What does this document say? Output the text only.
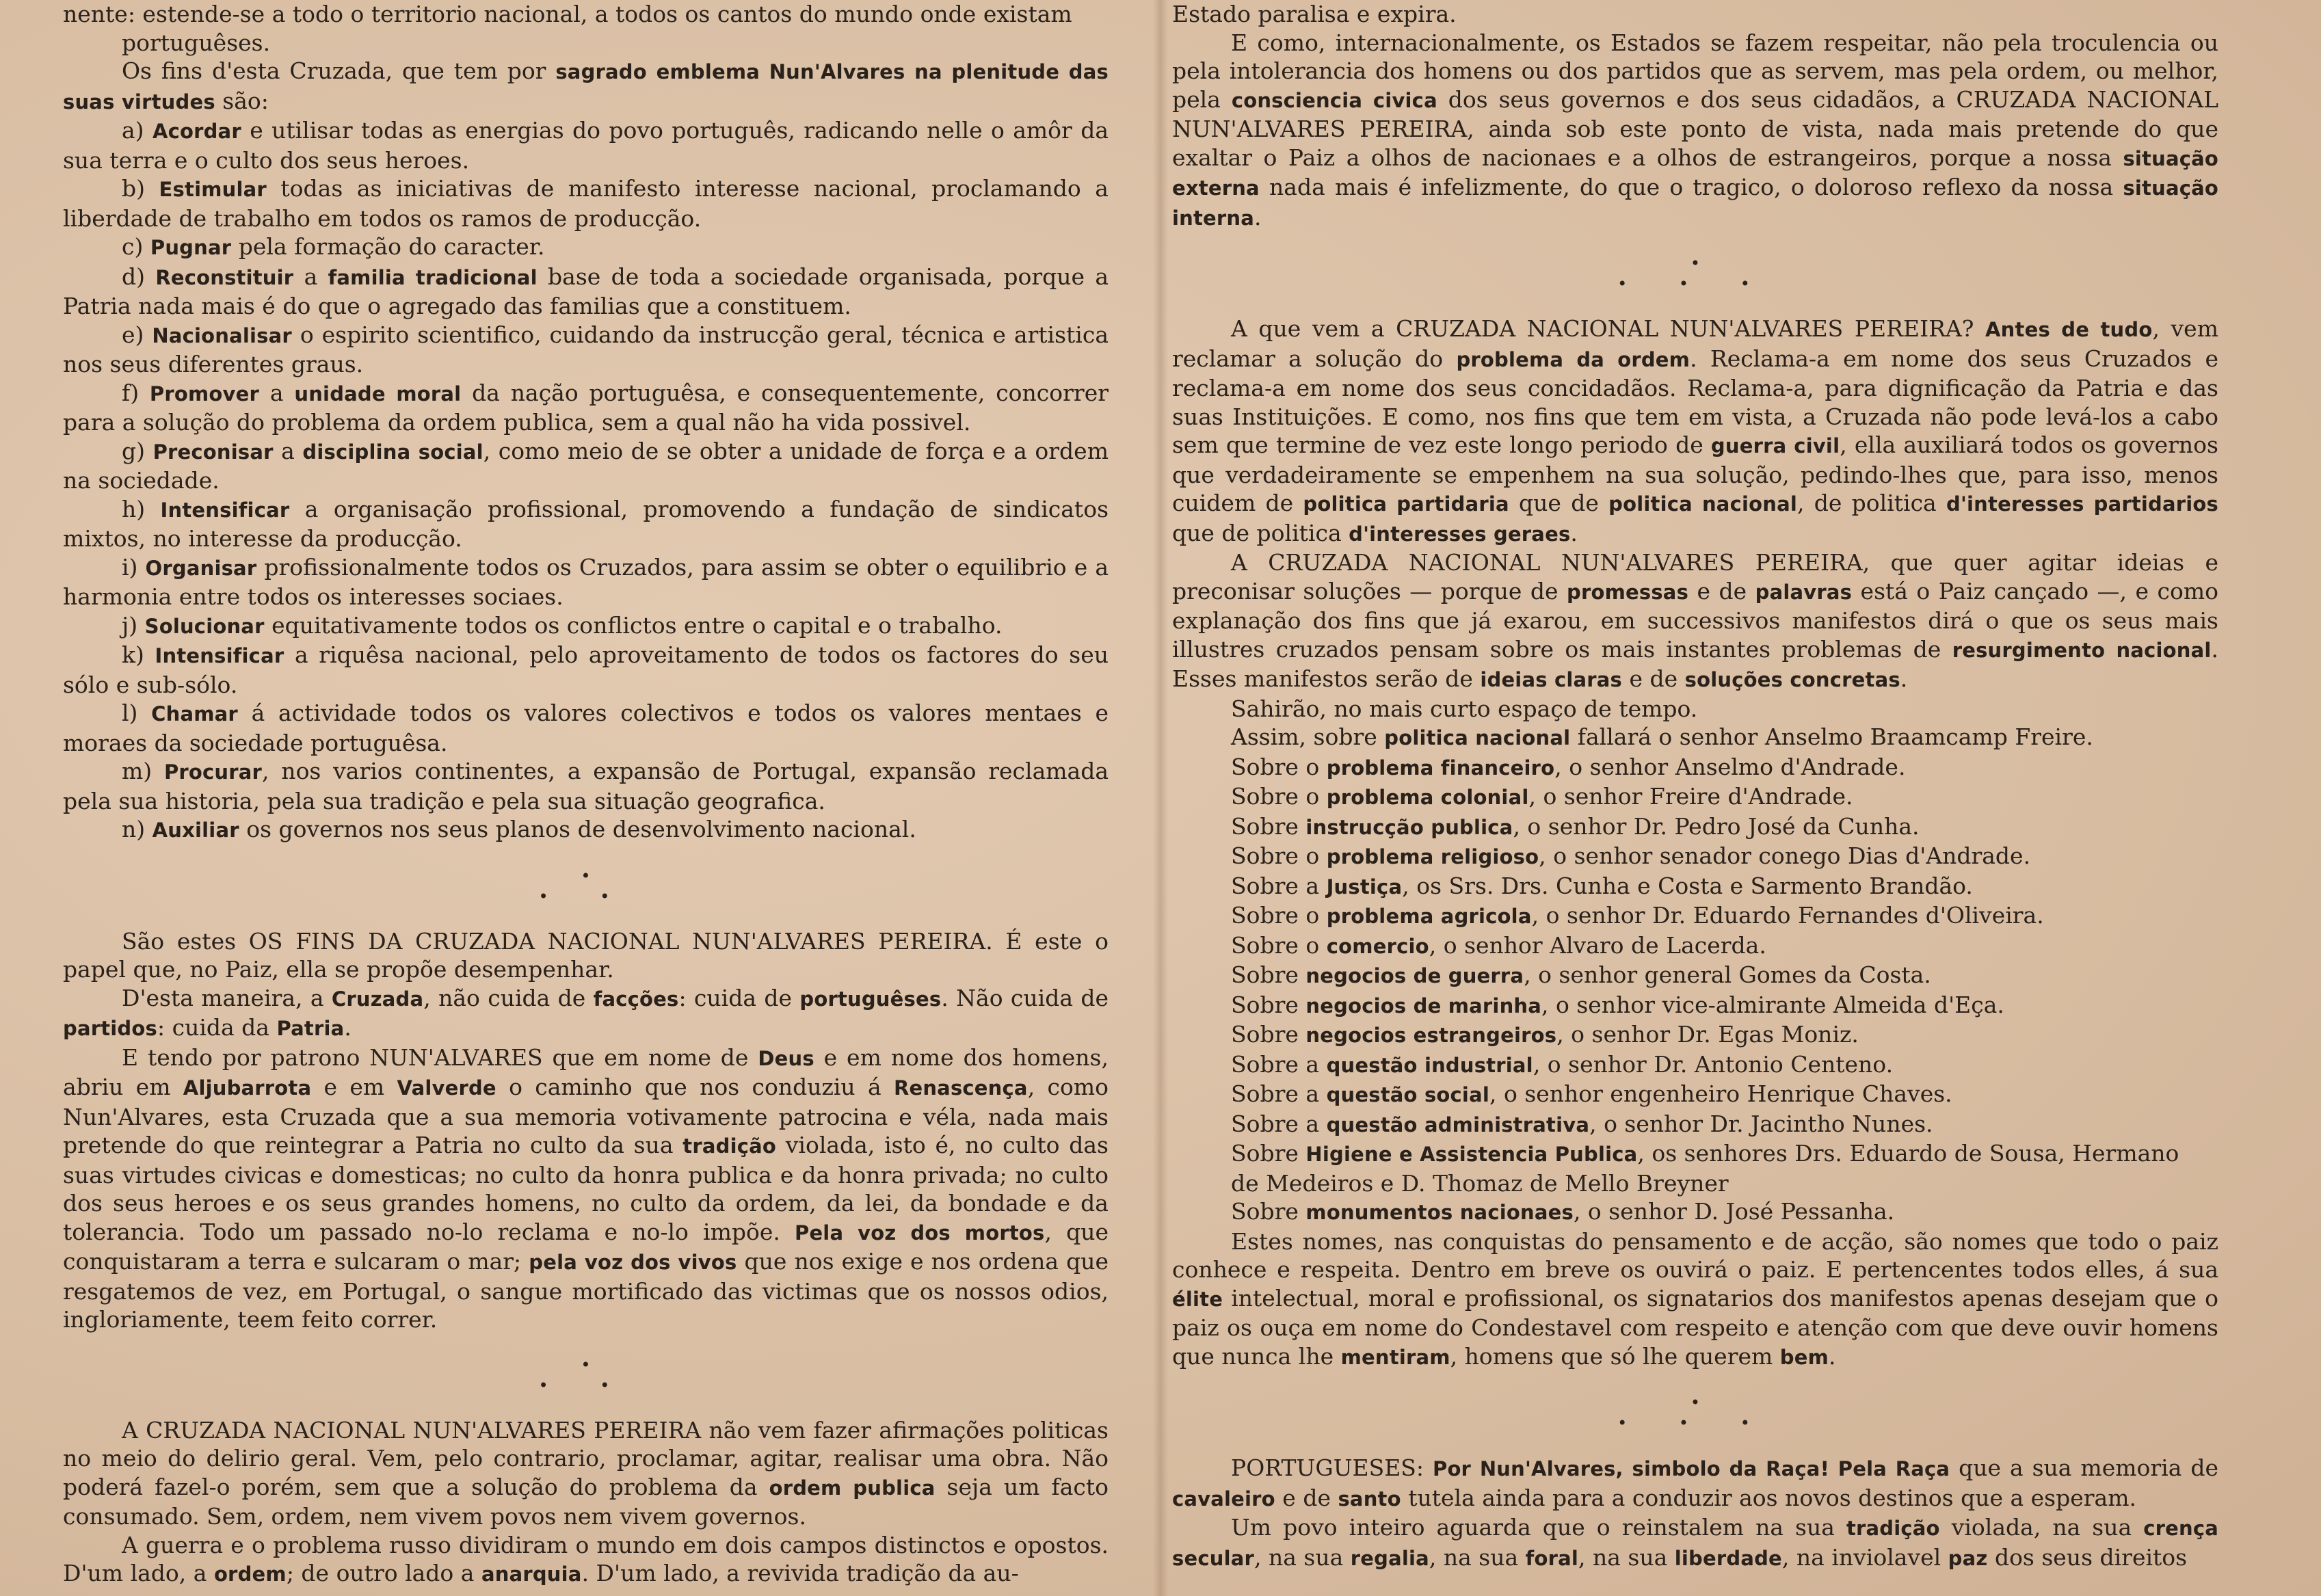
nente: estende-se a todo o territorio nacional, a todos os cantos do mundo onde existam

portuguêses.

Os fins d'esta Cruzada, que tem por sagrado emblema Nun'Alvares na plenitude das suas virtudes são:

a) Acordar e utilisar todas as energias do povo português, radicando nelle o amôr da sua terra e o culto dos seus heroes.

b) Estimular todas as iniciativas de manifesto interesse nacional, proclamando a liberdade de trabalho em todos os ramos de producção.

c) Pugnar pela formação do caracter.

d) Reconstituir a familia tradicional base de toda a sociedade organisada, porque a Patria nada mais é do que o agregado das familias que a constituem.

e) Nacionalisar o espirito scientifico, cuidando da instrucção geral, técnica e artistica nos seus diferentes graus.

f) Promover a unidade moral da nação portuguêsa, e consequentemente, concorrer para a solução do problema da ordem publica, sem a qual não ha vida possivel.

g) Preconisar a disciplina social, como meio de se obter a unidade de força e a ordem na sociedade.

h) Intensificar a organisação profissional, promovendo a fundação de sindicatos mixtos, no interesse da producção.

i) Organisar profissionalmente todos os Cruzados, para assim se obter o equilibrio e a harmonia entre todos os interesses sociaes.

j) Solucionar equitativamente todos os conflictos entre o capital e o trabalho.

k) Intensificar a riquêsa nacional, pelo aproveitamento de todos os factores do seu sólo e sub-sólo.

l) Chamar á actividade todos os valores colectivos e todos os valores mentaes e moraes da sociedade portuguêsa.

m) Procurar, nos varios continentes, a expansão de Portugal, expansão reclamada pela sua historia, pela sua tradição e pela sua situação geografica.

n) Auxiliar os governos nos seus planos de desenvolvimento nacional.

•

• •

São estes OS FINS DA CRUZADA NACIONAL NUN'ALVARES PEREIRA. É este o papel que, no Paiz, ella se propõe desempenhar.

D'esta maneira, a Cruzada, não cuida de facções: cuida de portuguêses. Não cuida de partidos: cuida da Patria.

E tendo por patrono NUN'ALVARES que em nome de Deus e em nome dos homens, abriu em Aljubarrota e em Valverde o caminho que nos conduziu á Renascença, como Nun'Alvares, esta Cruzada que a sua memoria votivamente patrocina e véla, nada mais pretende do que reintegrar a Patria no culto da sua tradição violada, isto é, no culto das suas virtudes civicas e domesticas; no culto da honra publica e da honra privada; no culto dos seus heroes e os seus grandes homens, no culto da ordem, da lei, da bondade e da tolerancia. Todo um passado no-lo reclama e no-lo impõe. Pela voz dos mortos, que conquistaram a terra e sulcaram o mar; pela voz dos vivos que nos exige e nos ordena que resgatemos de vez, em Portugal, o sangue mortificado das victimas que os nossos odios, ingloriamente, teem feito correr.

•

• •

A CRUZADA NACIONAL NUN'ALVARES PEREIRA não vem fazer afirmações politicas no meio do delirio geral. Vem, pelo contrario, proclamar, agitar, realisar uma obra. Não poderá fazel-o porém, sem que a solução do problema da ordem publica seja um facto consumado. Sem, ordem, nem vivem povos nem vivem governos.

A guerra e o problema russo dividiram o mundo em dois campos distinctos e opostos. D'um lado, a ordem; de outro lado a anarquia. D'um lado, a revivida tradição da au-

Estado paralisa e expira.

E como, internacionalmente, os Estados se fazem respeitar, não pela troculencia ou pela intolerancia dos homens ou dos partidos que as servem, mas pela ordem, ou melhor, pela consciencia civica dos seus governos e dos seus cidadãos, a CRUZADA NACIONAL NUN'ALVARES PEREIRA, ainda sob este ponto de vista, nada mais pretende do que exaltar o Paiz a olhos de nacionaes e a olhos de estrangeiros, porque a nossa situação externa nada mais é infelizmente, do que o tragico, o doloroso reflexo da nossa situação interna.

•

• • •

A que vem a CRUZADA NACIONAL NUN'ALVARES PEREIRA? Antes de tudo, vem reclamar a solução do problema da ordem. Reclama-a em nome dos seus Cruzados e reclama-a em nome dos seus concidadãos. Reclama-a, para dignificação da Patria e das suas Instituições. E como, nos fins que tem em vista, a Cruzada não pode levá-los a cabo sem que termine de vez este longo periodo de guerra civil, ella auxiliará todos os governos que verdadeiramente se empenhem na sua solução, pedindo-lhes que, para isso, menos cuidem de politica partidaria que de politica nacional, de politica d'interesses partidarios que de politica d'interesses geraes.

A CRUZADA NACIONAL NUN'ALVARES PEREIRA, que quer agitar ideias e preconisar soluções — porque de promessas e de palavras está o Paiz cançado —, e como explanação dos fins que já exarou, em successivos manifestos dirá o que os seus mais illustres cruzados pensam sobre os mais instantes problemas de resurgimento nacional. Esses manifestos serão de ideias claras e de soluções concretas.

Sahirão, no mais curto espaço de tempo.

Assim, sobre politica nacional fallará o senhor Anselmo Braamcamp Freire.

Sobre o problema financeiro, o senhor Anselmo d'Andrade.

Sobre o problema colonial, o senhor Freire d'Andrade.

Sobre instrucção publica, o senhor Dr. Pedro José da Cunha.

Sobre o problema religioso, o senhor senador conego Dias d'Andrade.

Sobre a Justiça, os Srs. Drs. Cunha e Costa e Sarmento Brandão.

Sobre o problema agricola, o senhor Dr. Eduardo Fernandes d'Oliveira.

Sobre o comercio, o senhor Alvaro de Lacerda.

Sobre negocios de guerra, o senhor general Gomes da Costa.

Sobre negocios de marinha, o senhor vice-almirante Almeida d'Eça.

Sobre negocios estrangeiros, o senhor Dr. Egas Moniz.

Sobre a questão industrial, o senhor Dr. Antonio Centeno.

Sobre a questão social, o senhor engenheiro Henrique Chaves.

Sobre a questão administrativa, o senhor Dr. Jacintho Nunes.

Sobre Higiene e Assistencia Publica, os senhores Drs. Eduardo de Sousa, Hermano

de Medeiros e D. Thomaz de Mello Breyner

Sobre monumentos nacionaes, o senhor D. José Pessanha.

Estes nomes, nas conquistas do pensamento e de acção, são nomes que todo o paiz conhece e respeita. Dentro em breve os ouvirá o paiz. E pertencentes todos elles, á sua élite intelectual, moral e profissional, os signatarios dos manifestos apenas desejam que o paiz os ouça em nome do Condestavel com respeito e atenção com que deve ouvir homens que nunca lhe mentiram, homens que só lhe querem bem.

•

• • •

PORTUGUESES: Por Nun'Alvares, simbolo da Raça! Pela Raça que a sua memoria de cavaleiro e de santo tutela ainda para a conduzir aos novos destinos que a esperam.

Um povo inteiro aguarda que o reinstalem na sua tradição violada, na sua crença secular, na sua regalia, na sua foral, na sua liberdade, na inviolavel paz dos seus direitos
